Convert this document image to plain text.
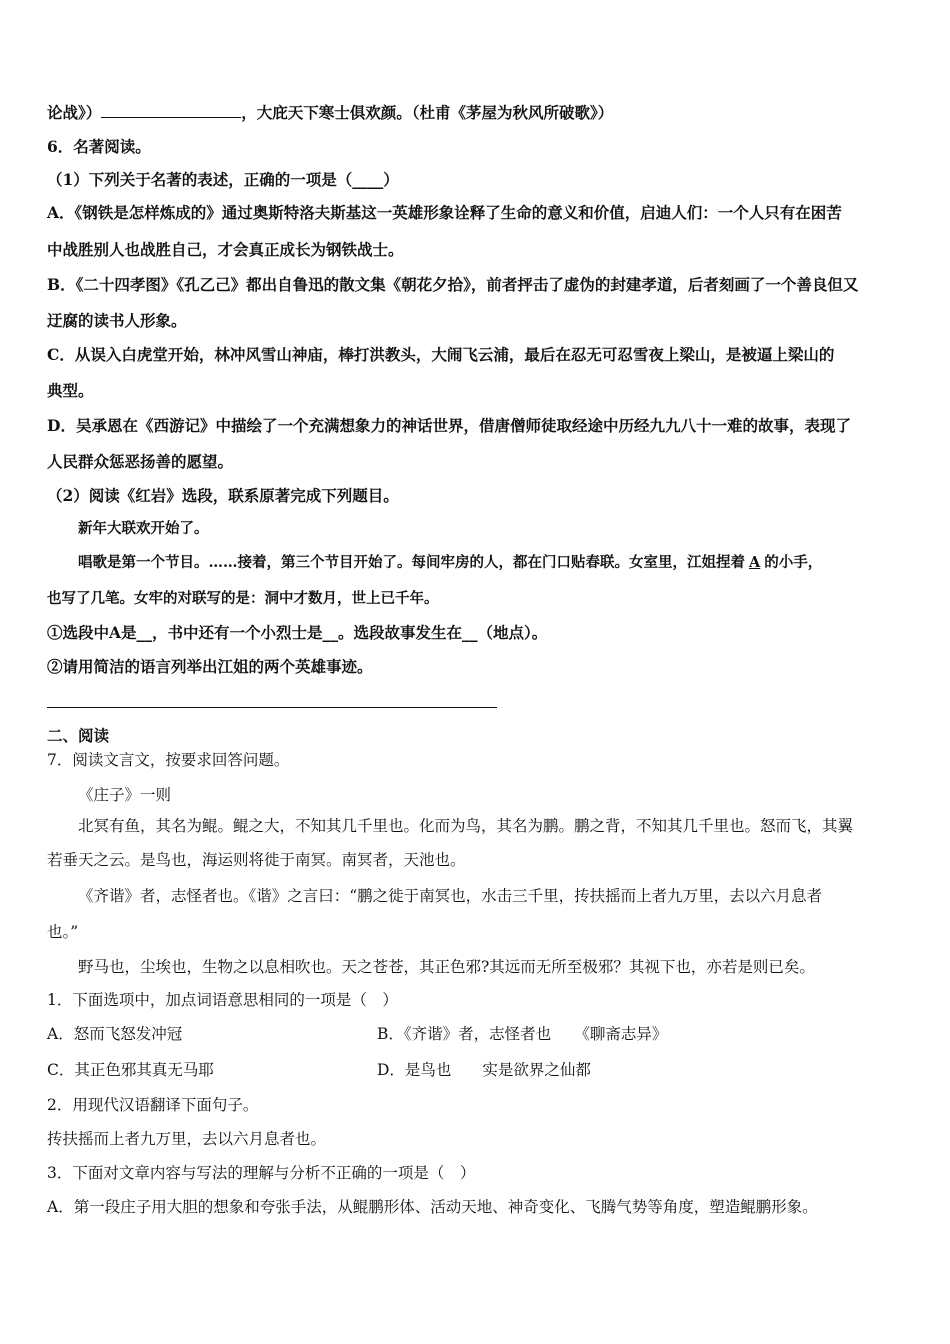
论战》）	，大庇天下寒士俱欢颜。（杜甫《茅屋为秋风所破歌》）
6．名著阅读。
（1）下列关于名著的表述，正确的一项是（____）
A．《钢铁是怎样炼成的》通过奥斯特洛夫斯基这一英雄形象诠释了生命的意义和价值，启迪人们：一个人只有在困苦
中战胜别人也战胜自己，才会真正成长为钢铁战士。
B．《二十四孝图》《孔乙己》都出自鲁迅的散文集《朝花夕拾》，前者抨击了虚伪的封建孝道，后者刻画了一个善良但又
迂腐的读书人形象。
C．从误入白虎堂开始，林冲风雪山神庙，棒打洪教头，大闹飞云浦，最后在忍无可忍雪夜上梁山，是被逼上梁山的
典型。
D．吴承恩在《西游记》中描绘了一个充满想象力的神话世界，借唐僧师徒取经途中历经九九八十一难的故事，表现了
人民群众惩恶扬善的愿望。
（2）阅读《红岩》选段，联系原著完成下列题目。
新年大联欢开始了。
唱歌是第一个节目。……接着，第三个节目开始了。每间牢房的人，都在门口贴春联。女室里，江姐捏着 A 的小手，
也写了几笔。女牢的对联写的是：洞中才数月，世上已千年。
①选段中A是__，书中还有一个小烈士是__。选段故事发生在__（地点）。
②请用简洁的语言列举出江姐的两个英雄事迹。
二、阅读
7．阅读文言文，按要求回答问题。
《庄子》一则
北冥有鱼，其名为鲲。鲲之大，不知其几千里也。化而为鸟，其名为鹏。鹏之背，不知其几千里也。怒而飞，其翼
若垂天之云。是鸟也，海运则将徙于南冥。南冥者，天池也。
《齐谐》者，志怪者也。《谐》之言曰：“鹏之徙于南冥也，水击三千里，抟扶摇而上者九万里，去以六月息者
也。”
野马也，尘埃也，生物之以息相吹也。天之苍苍，其正色邪?其远而无所至极邪？其视下也，亦若是则已矣。
1．下面选项中，加点词语意思相同的一项是（　）
A．怒而飞怒发冲冠	B．《齐谐》者，志怪者也　　《聊斋志异》
C．其正色邪其真无马耶	D．是鸟也　　实是欲界之仙都
2．用现代汉语翻译下面句子。
抟扶摇而上者九万里，去以六月息者也。
3．下面对文章内容与写法的理解与分析不正确的一项是（　）
A．第一段庄子用大胆的想象和夸张手法，从鲲鹏形体、活动天地、神奇变化、飞腾气势等角度，塑造鲲鹏形象。
